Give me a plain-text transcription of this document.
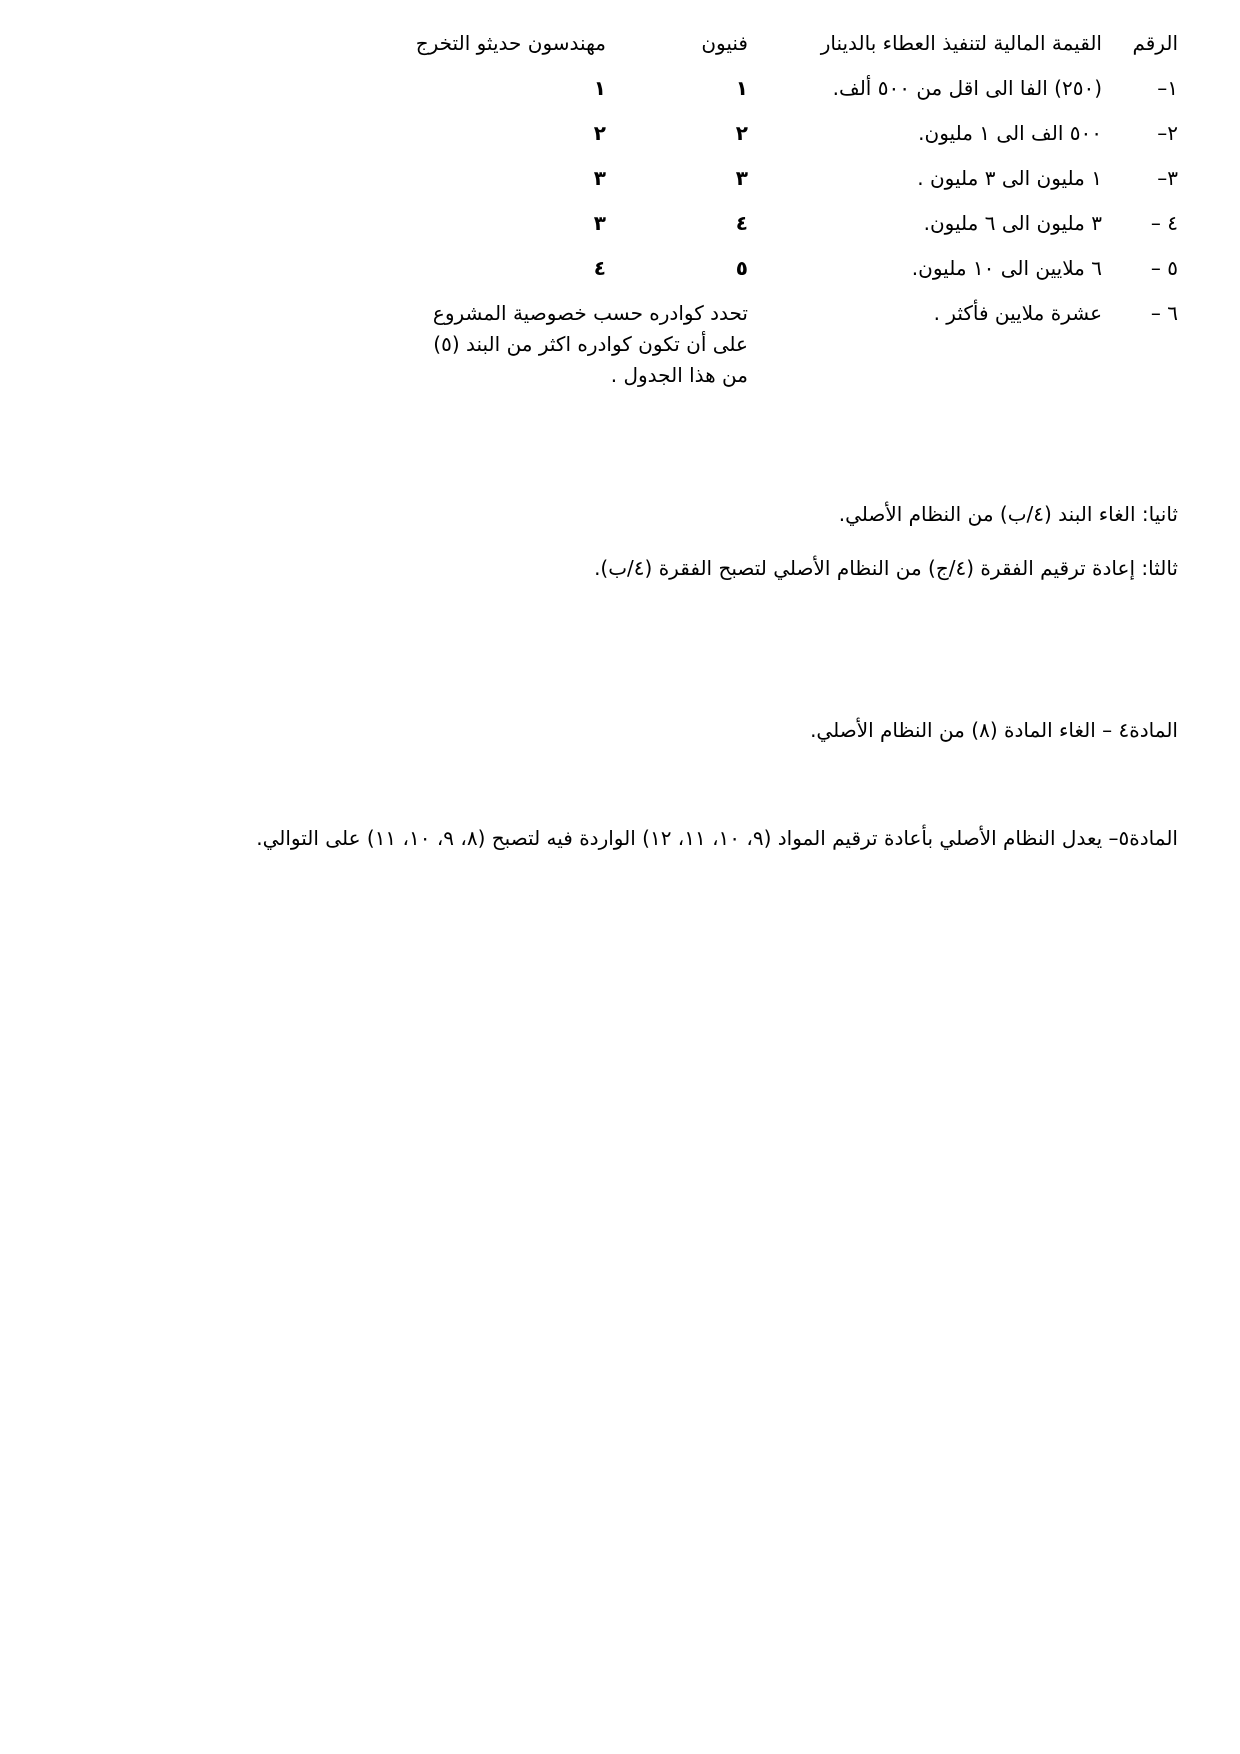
الرقم
القيمة المالية لتنفيذ العطاء بالدينار
فنيون
مهندسون حديثو التخرج
١–
(٢٥٠) الفا الى اقل من ٥٠٠ ألف.
١
١
٢–
٥٠٠ الف الى ١ مليون.
٢
٢
٣–
١ مليون الى ٣ مليون .
٣
٣
٤ –
٣ مليون الى ٦ مليون.
٤
٣
٥ –
٦ ملايين الى ١٠ مليون.
٥
٤
٦ –
عشرة ملايين فأكثر .
تحدد كوادره حسب خصوصية المشروع
على أن تكون كوادره اكثر من البند (٥)
من هذا الجدول .

ثانيا: الغاء البند (٤/ب) من النظام الأصلي.

ثالثا: إعادة ترقيم الفقرة (٤/ج) من النظام الأصلي لتصبح الفقرة (٤/ب).

المادة٤ – الغاء المادة (٨) من النظام الأصلي.

المادة٥– يعدل النظام الأصلي بأعادة ترقيم المواد (٩، ١٠، ١١، ١٢) الواردة فيه لتصبح (٨، ٩، ١٠، ١١) على التوالي.
